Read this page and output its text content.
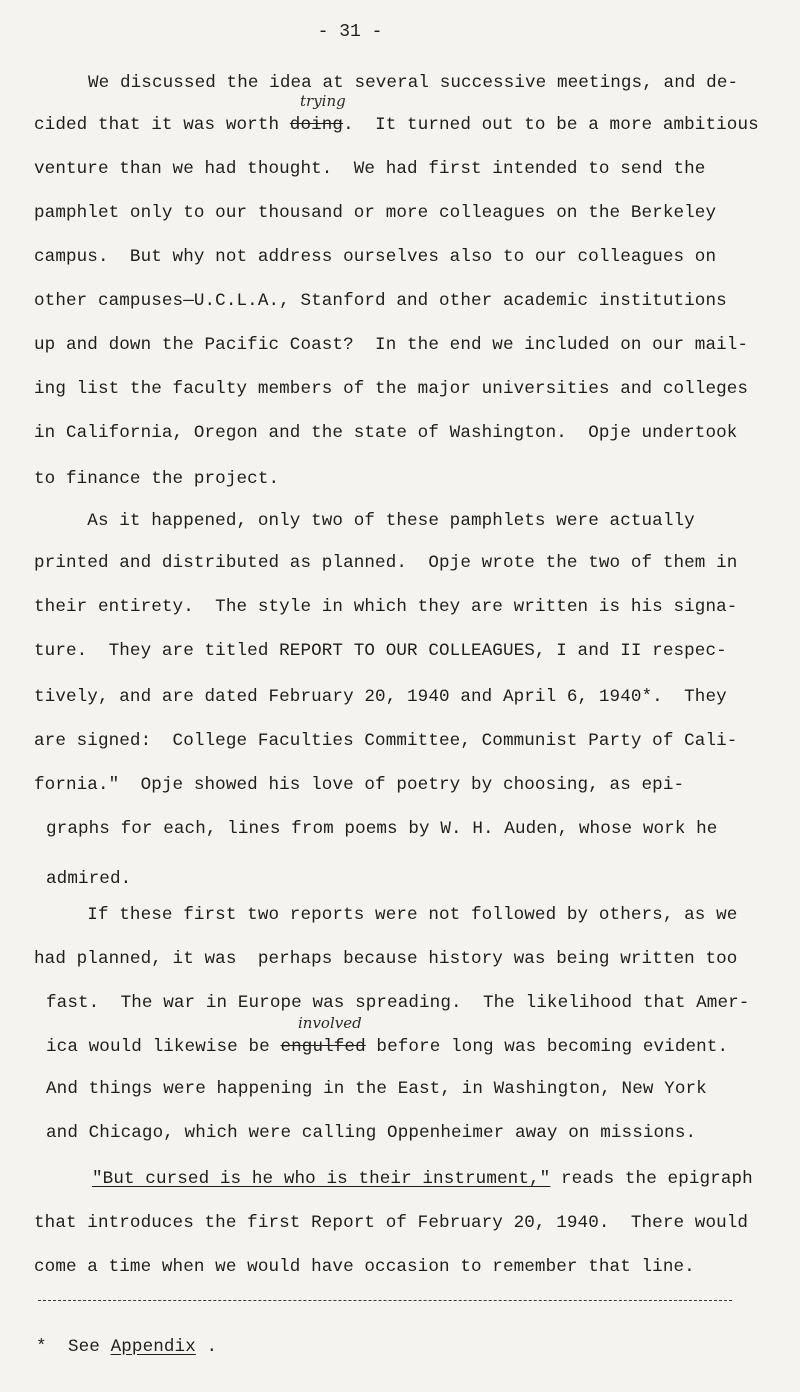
- 31 -
We discussed the idea at several successive meetings, and de-
cided that it was worth doing.  It turned out to be a more ambitious
trying
venture than we had thought.  We had first intended to send the
pamphlet only to our thousand or more colleagues on the Berkeley
campus.  But why not address ourselves also to our colleagues on
other campuses—U.C.L.A., Stanford and other academic institutions
up and down the Pacific Coast?  In the end we included on our mail-
ing list the faculty members of the major universities and colleges
in California, Oregon and the state of Washington.  Opje undertook
to finance the project.
As it happened, only two of these pamphlets were actually
printed and distributed as planned.  Opje wrote the two of them in
their entirety.  The style in which they are written is his signa-
ture.  They are titled REPORT TO OUR COLLEAGUES, I and II respec-
tively, and are dated February 20, 1940 and April 6, 1940*.  They
are signed:  College Faculties Committee, Communist Party of Cali-
fornia."  Opje showed his love of poetry by choosing, as epi-
graphs for each, lines from poems by W. H. Auden, whose work he
admired.
If these first two reports were not followed by others, as we
had planned, it was  perhaps because history was being written too
fast.  The war in Europe was spreading.  The likelihood that Amer-
ica would likewise be engulfed before long was becoming evident.
involved
And things were happening in the East, in Washington, New York
and Chicago, which were calling Oppenheimer away on missions.
"But cursed is he who is their instrument," reads the epigraph
that introduces the first Report of February 20, 1940.  There would
come a time when we would have occasion to remember that line.
*  See Appendix .
